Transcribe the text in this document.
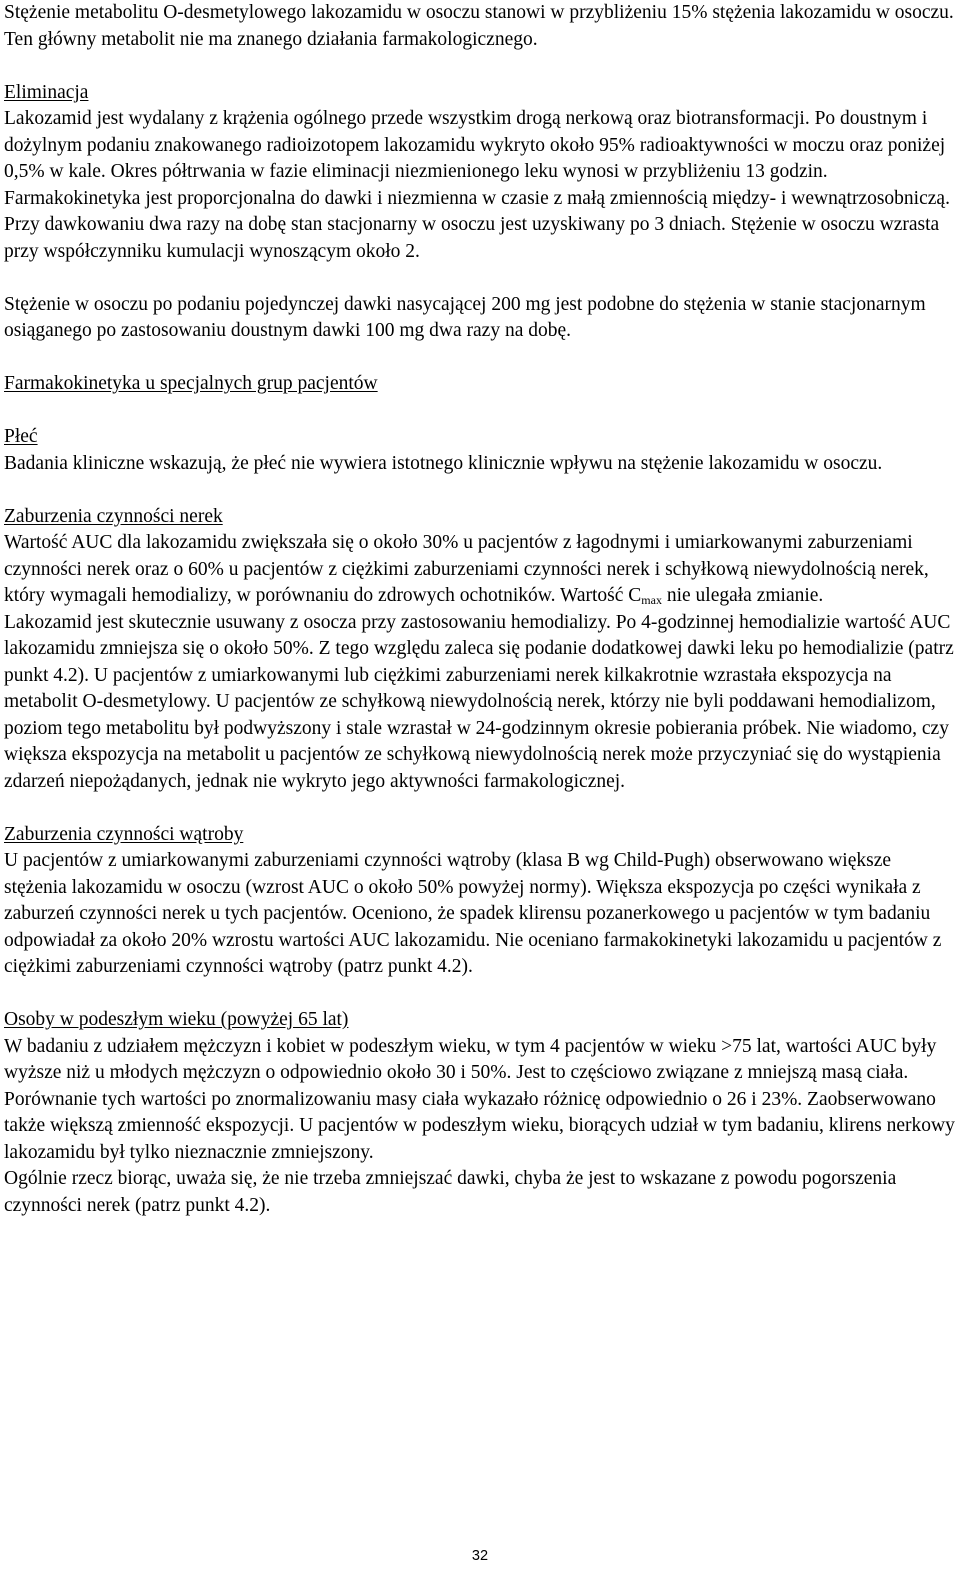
Stężenie metabolitu O-desmetylowego lakozamidu w osoczu stanowi w przybliżeniu 15% stężenia lakozamidu w osoczu. Ten główny metabolit nie ma znanego działania farmakologicznego.

Eliminacja

Lakozamid jest wydalany z krążenia ogólnego przede wszystkim drogą nerkową oraz biotransformacji. Po doustnym i dożylnym podaniu znakowanego radioizotopem lakozamidu wykryto około 95% radioaktywności w moczu oraz poniżej 0,5% w kale. Okres półtrwania w fazie eliminacji niezmienionego leku wynosi w przybliżeniu 13 godzin. Farmakokinetyka jest proporcjonalna do dawki i niezmienna w czasie z małą zmiennością między- i wewnątrzosobniczą. Przy dawkowaniu dwa razy na dobę stan stacjonarny w osoczu jest uzyskiwany po 3 dniach. Stężenie w osoczu wzrasta przy współczynniku kumulacji wynoszącym około 2.

Stężenie w osoczu po podaniu pojedynczej dawki nasycającej 200 mg jest podobne do stężenia w stanie stacjonarnym osiąganego po zastosowaniu doustnym dawki 100 mg dwa razy na dobę.

Farmakokinetyka u specjalnych grup pacjentów

Płeć

Badania kliniczne wskazują, że płeć nie wywiera istotnego klinicznie wpływu na stężenie lakozamidu w osoczu.

Zaburzenia czynności nerek

Wartość AUC dla lakozamidu zwiększała się o około 30% u pacjentów z łagodnymi i umiarkowanymi zaburzeniami czynności nerek oraz o 60% u pacjentów z ciężkimi zaburzeniami czynności nerek i schyłkową niewydolnością nerek, który wymagali hemodializy, w porównaniu do zdrowych ochotników. Wartość $C_{max}$ nie ulegała zmianie.

Lakozamid jest skutecznie usuwany z osocza przy zastosowaniu hemodializy. Po 4-godzinnej hemodializie wartość AUC lakozamidu zmniejsza się o około 50%. Z tego względu zaleca się podanie dodatkowej dawki leku po hemodializie (patrz punkt 4.2). U pacjentów z umiarkowanymi lub ciężkimi zaburzeniami nerek kilkakrotnie wzrastała ekspozycja na metabolit O-desmetylowy. U pacjentów ze schyłkową niewydolnością nerek, którzy nie byli poddawani hemodializom, poziom tego metabolitu był podwyższony i stale wzrastał w 24-godzinnym okresie pobierania próbek. Nie wiadomo, czy większa ekspozycja na metabolit u pacjentów ze schyłkową niewydolnością nerek może przyczyniać się do wystąpienia zdarzeń niepożądanych, jednak nie wykryto jego aktywności farmakologicznej.

Zaburzenia czynności wątroby

U pacjentów z umiarkowanymi zaburzeniami czynności wątroby (klasa B wg Child-Pugh) obserwowano większe stężenia lakozamidu w osoczu (wzrost AUC o około 50% powyżej normy). Większa ekspozycja po części wynikała z zaburzeń czynności nerek u tych pacjentów. Oceniono, że spadek klirensu pozanerkowego u pacjentów w tym badaniu odpowiadał za około 20% wzrostu wartości AUC lakozamidu. Nie oceniano farmakokinetyki lakozamidu u pacjentów z ciężkimi zaburzeniami czynności wątroby (patrz punkt 4.2).

Osoby w podeszłym wieku (powyżej 65 lat)

W badaniu z udziałem mężczyzn i kobiet w podeszłym wieku, w tym 4 pacjentów w wieku >75 lat, wartości AUC były wyższe niż u młodych mężczyzn o odpowiednio około 30 i 50%. Jest to częściowo związane z mniejszą masą ciała. Porównanie tych wartości po znormalizowaniu masy ciała wykazało różnicę odpowiednio o 26 i 23%. Zaobserwowano także większą zmienność ekspozycji. U pacjentów w podeszłym wieku, biorących udział w tym badaniu, klirens nerkowy lakozamidu był tylko nieznacznie zmniejszony.

Ogólnie rzecz biorąc, uważa się, że nie trzeba zmniejszać dawki, chyba że jest to wskazane z powodu pogorszenia czynności nerek (patrz punkt 4.2).

32
